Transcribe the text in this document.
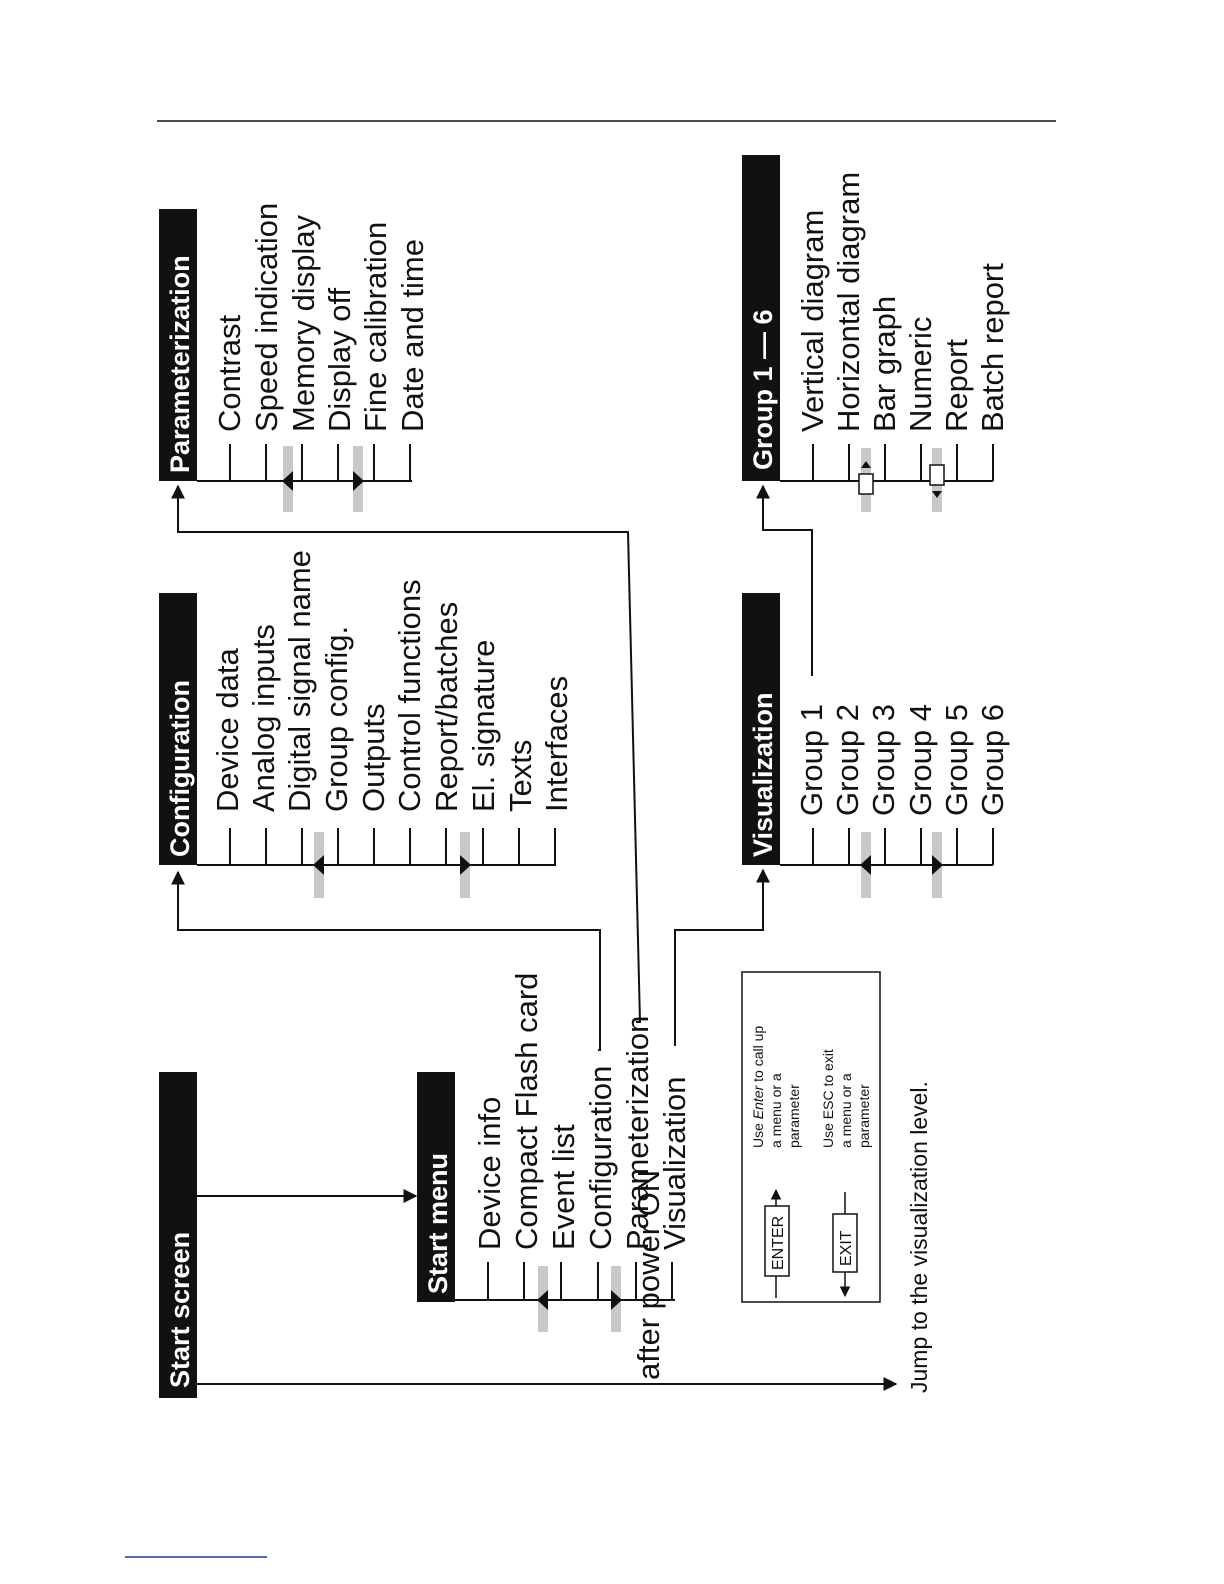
Start screen	after power ON	Jump to the visualization level.
Start menu Device info Compact Flash card Event list Configuration Parameterization Visualization
Configuration Device data Analog inputs Digital signal name Group config. Outputs Control functions Report/batches El. signature Texts Interfaces
Parameterization Contrast Speed indication Memory display Display off Fine calibration Date and time
Visualization Group 1 Group 2 Group 3 Group 4 Group 5 Group 6
Group 1 — 6 Vertical diagram Horizontal diagram Bar graph Numeric Report Batch report
ENTER	EXIT
Use Enter to call up
a menu or a parameter Use ESC to exit a menu or a parameter
